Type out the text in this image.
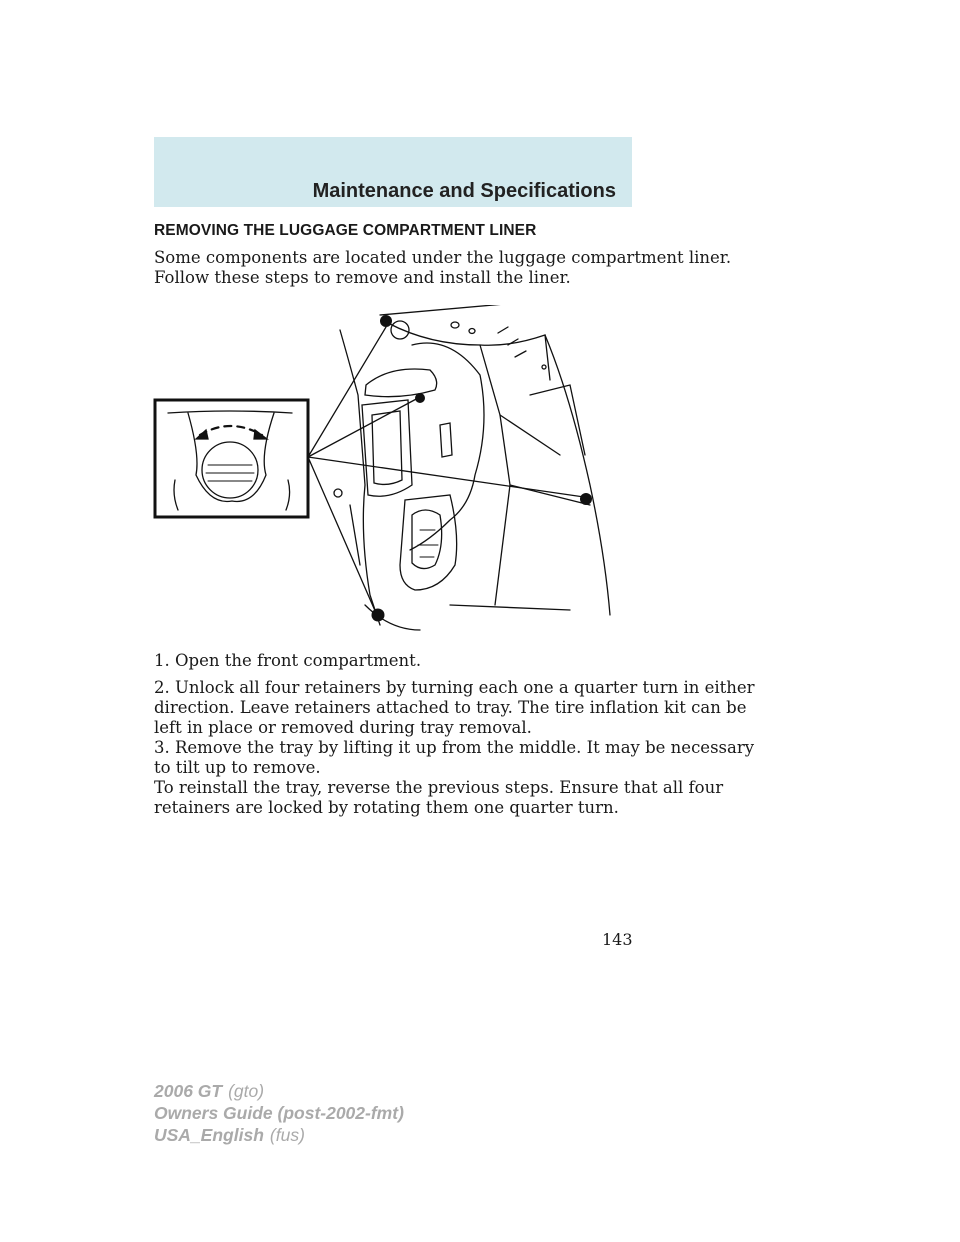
Maintenance and Specifications
REMOVING THE LUGGAGE COMPARTMENT LINER

Some components are located under the luggage compartment liner.
Follow these steps to remove and install the liner.

1. Open the front compartment.

2. Unlock all four retainers by turning each one a quarter turn in either
direction. Leave retainers attached to tray. The tire inflation kit can be
left in place or removed during tray removal.

3. Remove the tray by lifting it up from the middle. It may be necessary
to tilt up to remove.

To reinstall the tray, reverse the previous steps. Ensure that all four
retainers are locked by rotating them one quarter turn.

143
2006 GT (gto)
Owners Guide (post-2002-fmt)
USA_English (fus)
